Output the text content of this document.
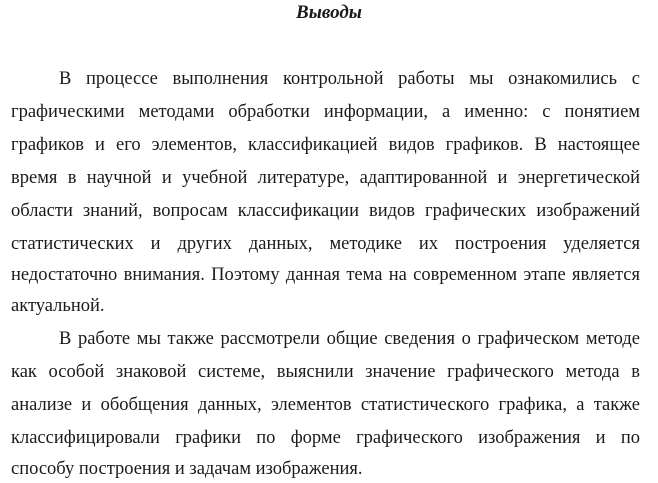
Выводы

В процессе выполнения контрольной работы мы ознакомились с

графическими методами обработки информации, а именно: с понятием

графиков и его элементов, классификацией видов графиков. В настоящее

время в научной и учебной литературе, адаптированной и энергетической

области знаний, вопросам классификации видов графических изображений

статистических и других данных, методике их построения уделяется

недостаточно внимания. Поэтому данная тема на современном этапе является

актуальной.

В работе мы также рассмотрели общие сведения о графическом методе

как особой знаковой системе, выяснили значение графического метода в

анализе и обобщения данных, элементов статистического графика, а также

классифицировали графики по форме графического изображения и по

способу построения и задачам изображения.
